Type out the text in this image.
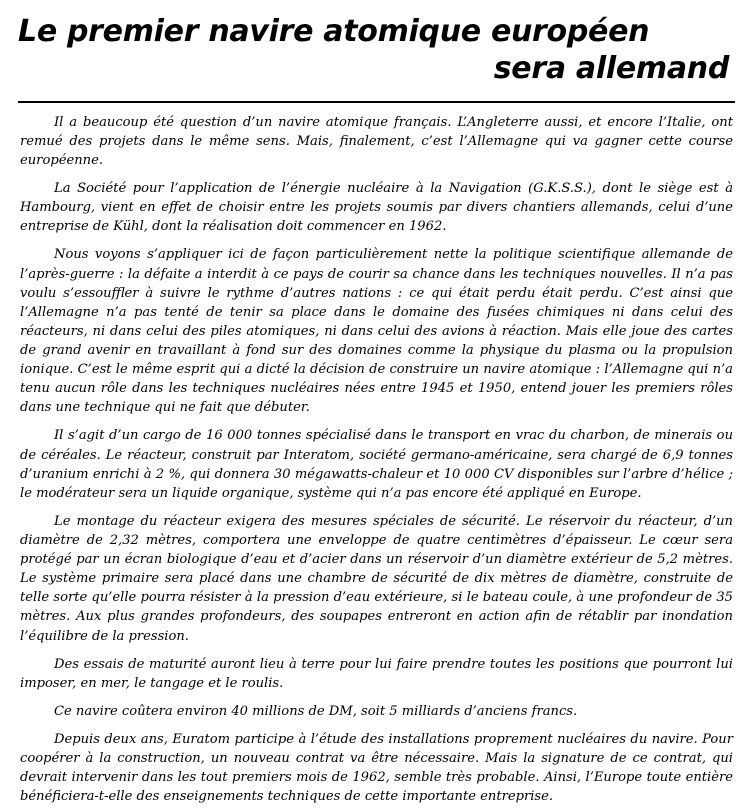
Le premier navire atomique européen
sera allemand

Il a beaucoup été question d’un navire atomique français. L’Angleterre aussi, et encore l’Italie, ont remué des projets dans le même sens. Mais, finalement, c’est l’Allemagne qui va gagner cette course européenne.

La Société pour l’application de l’énergie nucléaire à la Navigation (G.K.S.S.), dont le siège est à Hambourg, vient en effet de choisir entre les projets soumis par divers chantiers allemands, celui d’une entreprise de Kühl, dont la réalisation doit commencer en 1962.

Nous voyons s’appliquer ici de façon particulièrement nette la politique scientifique allemande de l’après-guerre : la défaite a interdit à ce pays de courir sa chance dans les techniques nouvelles. Il n’a pas voulu s’essouffler à suivre le rythme d’autres nations : ce qui était perdu était perdu. C’est ainsi que l’Allemagne n’a pas tenté de tenir sa place dans le domaine des fusées chimiques ni dans celui des réacteurs, ni dans celui des piles atomiques, ni dans celui des avions à réaction. Mais elle joue des cartes de grand avenir en travaillant à fond sur des domaines comme la physique du plasma ou la propulsion ionique. C’est le même esprit qui a dicté la décision de construire un navire atomique : l’Allemagne qui n’a tenu aucun rôle dans les techniques nucléaires nées entre 1945 et 1950, entend jouer les premiers rôles dans une technique qui ne fait que débuter.

Il s’agit d’un cargo de 16 000 tonnes spécialisé dans le transport en vrac du charbon, de minerais ou de céréales. Le réacteur, construit par Interatom, société germano-américaine, sera chargé de 6,9 tonnes d’uranium enrichi à 2 %, qui donnera 30 mégawatts-chaleur et 10 000 CV disponibles sur l’arbre d’hélice ; le modérateur sera un liquide organique, système qui n’a pas encore été appliqué en Europe.

Le montage du réacteur exigera des mesures spéciales de sécurité. Le réservoir du réacteur, d’un diamètre de 2,32 mètres, comportera une enveloppe de quatre centimètres d’épaisseur. Le cœur sera protégé par un écran biologique d’eau et d’acier dans un réservoir d’un diamètre extérieur de 5,2 mètres. Le système primaire sera placé dans une chambre de sécurité de dix mètres de diamètre, construite de telle sorte qu’elle pourra résister à la pression d’eau extérieure, si le bateau coule, à une profondeur de 35 mètres. Aux plus grandes profondeurs, des soupapes entreront en action afin de rétablir par inondation l’équilibre de la pression.

Des essais de maturité auront lieu à terre pour lui faire prendre toutes les positions que pourront lui imposer, en mer, le tangage et le roulis.

Ce navire coûtera environ 40 millions de DM, soit 5 milliards d’anciens francs.

Depuis deux ans, Euratom participe à l’étude des installations proprement nucléaires du navire. Pour coopérer à la construction, un nouveau contrat va être nécessaire. Mais la signature de ce contrat, qui devrait intervenir dans les tout premiers mois de 1962, semble très probable. Ainsi, l’Europe toute entière bénéficiera-t-elle des enseignements techniques de cette importante entreprise.
